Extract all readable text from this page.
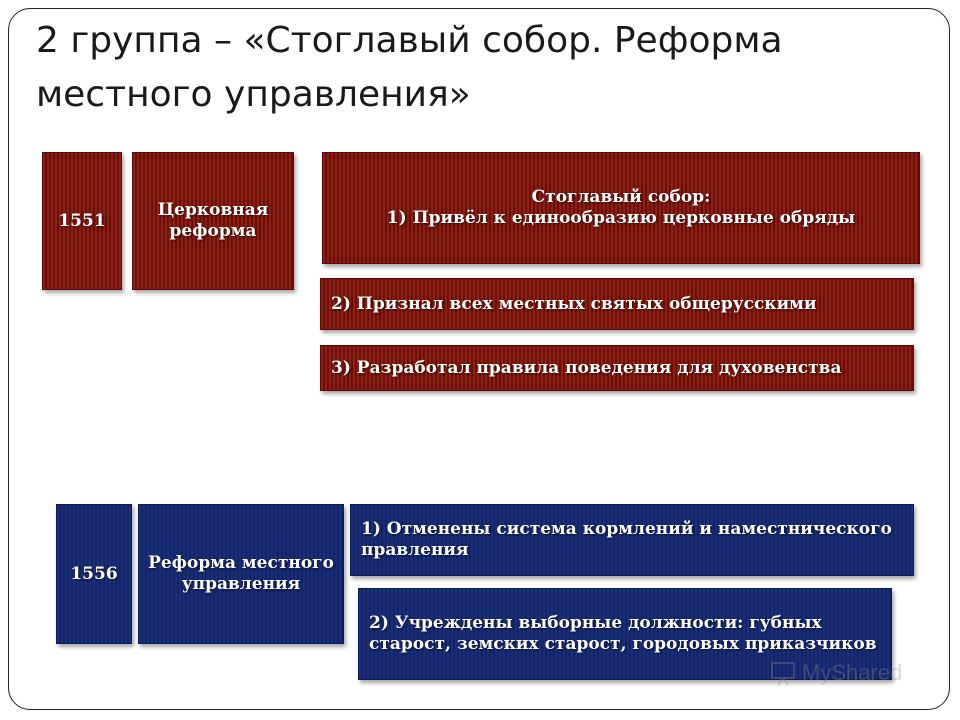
2 группа – «Стоглавый собор. Реформа местного управления»
1551
Церковная реформа
Стоглавый собор:
1) Привёл к единообразию церковные обряды
2) Признал всех местных святых общерусскими
3) Разработал правила поведения для духовенства
1556
Реформа местного управления
1) Отменены система кормлений и наместнического правления
2) Учреждены выборные должности: губных старост, земских старост, городовых приказчиков
MyShared
